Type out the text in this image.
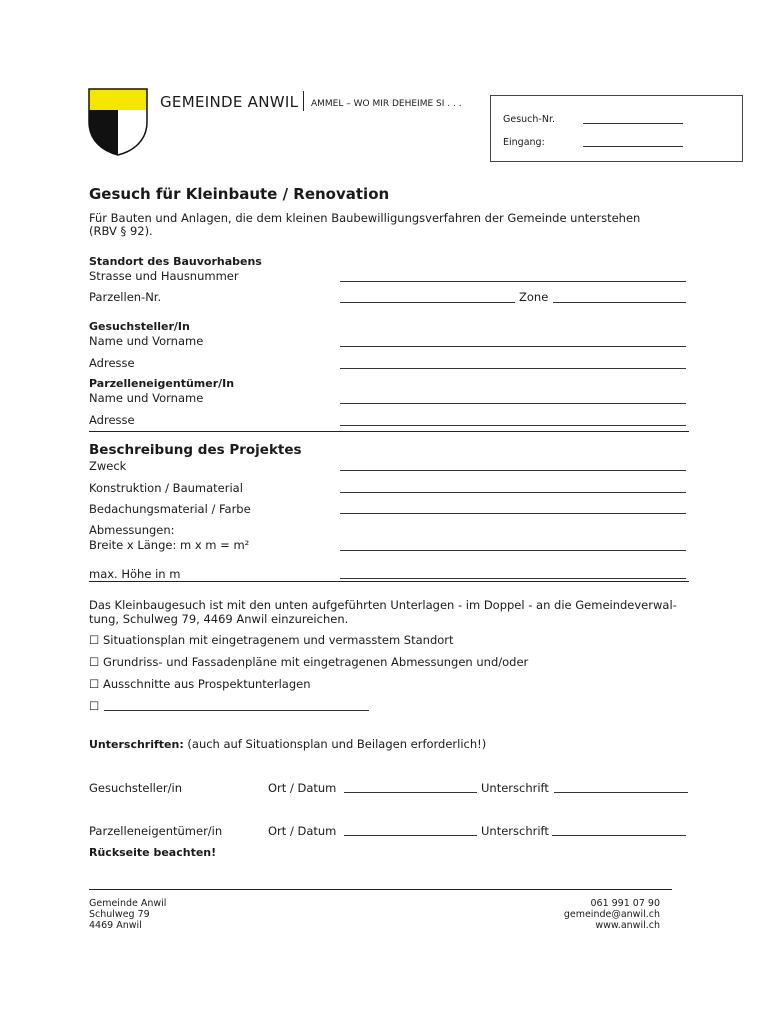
GEMEINDE ANWIL AMMEL – WO MIR DEHEIME SI . . .
Gesuch-Nr.
Eingang:
Gesuch für Kleinbaute / Renovation
Für Bauten und Anlagen, die dem kleinen Baubewilligungsverfahren der Gemeinde unterstehen
(RBV § 92).
Standort des Bauvorhabens
Strasse und Hausnummer
Parzellen-Nr.	Zone
Gesuchsteller/In
Name und Vorname
Adresse
Parzelleneigentümer/In
Name und Vorname
Adresse
Beschreibung des Projektes
Zweck
Konstruktion / Baumaterial
Bedachungsmaterial / Farbe
Abmessungen:
Breite x Länge: m x m = m²
max. Höhe in m
Das Kleinbaugesuch ist mit den unten aufgeführten Unterlagen - im Doppel - an die Gemeindeverwal-
tung, Schulweg 79, 4469 Anwil einzureichen.
☐ Situationsplan mit eingetragenem und vermasstem Standort
☐ Grundriss- und Fassadenpläne mit eingetragenen Abmessungen und/oder
☐ Ausschnitte aus Prospektunterlagen
☐
Unterschriften: (auch auf Situationsplan und Beilagen erforderlich!)
Gesuchsteller/in	Ort / Datum	Unterschrift
Parzelleneigentümer/in	Ort / Datum	Unterschrift
Rückseite beachten!
Gemeinde Anwil
Schulweg 79
4469 Anwil
061 991 07 90
gemeinde@anwil.ch
www.anwil.ch
